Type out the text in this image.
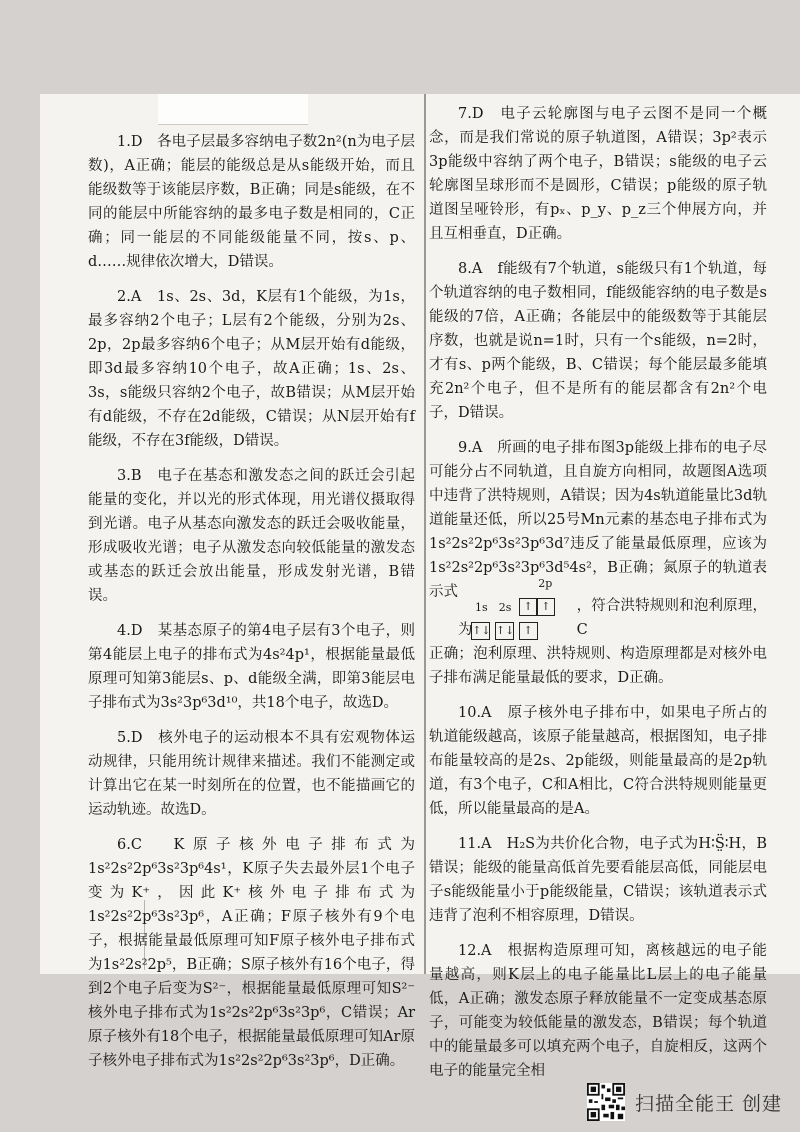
1.D　各电子层最多容纳电子数2n²(n为电子层数)，A正确；能层的能级总是从s能级开始，而且能级数等于该能层序数，B正确；同是s能级，在不同的能层中所能容纳的最多电子数是相同的，C正确；同一能层的不同能级能量不同，按s、p、d……规律依次增大，D错误。

2.A　1s、2s、3d，K层有1个能级，为1s，最多容纳2个电子；L层有2个能级，分别为2s、2p，2p最多容纳6个电子；从M层开始有d能级，即3d最多容纳10个电子，故A正确；1s、2s、3s，s能级只容纳2个电子，故B错误；从M层开始有d能级，不存在2d能级，C错误；从N层开始有f能级，不存在3f能级，D错误。

3.B　电子在基态和激发态之间的跃迁会引起能量的变化，并以光的形式体现，用光谱仪摄取得到光谱。电子从基态向激发态的跃迁会吸收能量，形成吸收光谱；电子从激发态向较低能量的激发态或基态的跃迁会放出能量，形成发射光谱，B错误。

4.D　某基态原子的第4电子层有3个电子，则第4能层上电子的排布式为4s²4p¹，根据能量最低原理可知第3能层s、p、d能级全满，即第3能层电子排布式为3s²3p⁶3d¹⁰，共18个电子，故选D。

5.D　核外电子的运动根本不具有宏观物体运动规律，只能用统计规律来描述。我们不能测定或计算出它在某一时刻所在的位置，也不能描画它的运动轨迹。故选D。

6.C　K原子核外电子排布式为1s²2s²2p⁶3s²3p⁶4s¹，K原子失去最外层1个电子变为K⁺，因此K⁺核外电子排布式为1s²2s²2p⁶3s²3p⁶，A正确；F原子核外有9个电子，根据能量最低原理可知F原子核外电子排布式为1s²2s²2p⁵，B正确；S原子核外有16个电子，得到2个电子后变为S²⁻，根据能量最低原理可知S²⁻核外电子排布式为1s²2s²2p⁶3s²3p⁶，C错误；Ar原子核外有18个电子，根据能量最低原理可知Ar原子核外电子排布式为1s²2s²2p⁶3s²3p⁶，D正确。

7.D　电子云轮廓图与电子云图不是同一个概念，而是我们常说的原子轨道图，A错误；3p²表示3p能级中容纳了两个电子，B错误；s能级的电子云轮廓图呈球形而不是圆形，C错误；p能级的原子轨道图呈哑铃形，有pₓ、p_y、p_z三个伸展方向，并且互相垂直，D正确。

8.A　f能级有7个轨道，s能级只有1个轨道，每个轨道容纳的电子数相同，f能级能容纳的电子数是s能级的7倍，A正确；各能层中的能级数等于其能层序数，也就是说n=1时，只有一个s能级，n=2时，才有s、p两个能级，B、C错误；每个能层最多能填充2n²个电子，但不是所有的能层都含有2n²个电子，D错误。

9.A　所画的电子排布图3p能级上排布的电子尽可能分占不同轨道，且自旋方向相同，故题图A选项中违背了洪特规则，A错误；因为4s轨道能量比3d轨道能量还低，所以25号Mn元素的基态电子排布式为1s²2s²2p⁶3s²3p⁶3d⁷违反了能量最低原理，应该为1s²2s²2p⁶3s²3p⁶3d⁵4s²，B正确；氮原子的轨道表示式

为
1s
↑↓
2s
↑↓
2p
↑ ↑↑
，符合洪特规则和泡利原理，C

正确；泡利原理、洪特规则、构造原理都是对核外电子排布满足能量最低的要求，D正确。

10.A　原子核外电子排布中，如果电子所占的轨道能级越高，该原子能量越高，根据图知，电子排布能量较高的是2s、2p能级，则能量最高的是2p轨道，有3个电子，C和A相比，C符合洪特规则能量更低，所以能量最高的是A。

11.A　H₂S为共价化合物，电子式为H∶S̤̈∶H，B错误；能级的能量高低首先要看能层高低，同能层电子s能级能量小于p能级能量，C错误；该轨道表示式违背了泡利不相容原理，D错误。

12.A　根据构造原理可知，离核越远的电子能量越高，则K层上的电子能量比L层上的电子能量低，A正确；激发态原子释放能量不一定变成基态原子，可能变为较低能量的激发态，B错误；每个轨道中的能量最多可以填充两个电子，自旋相反，这两个电子的能量完全相

扫描全能王 创建
